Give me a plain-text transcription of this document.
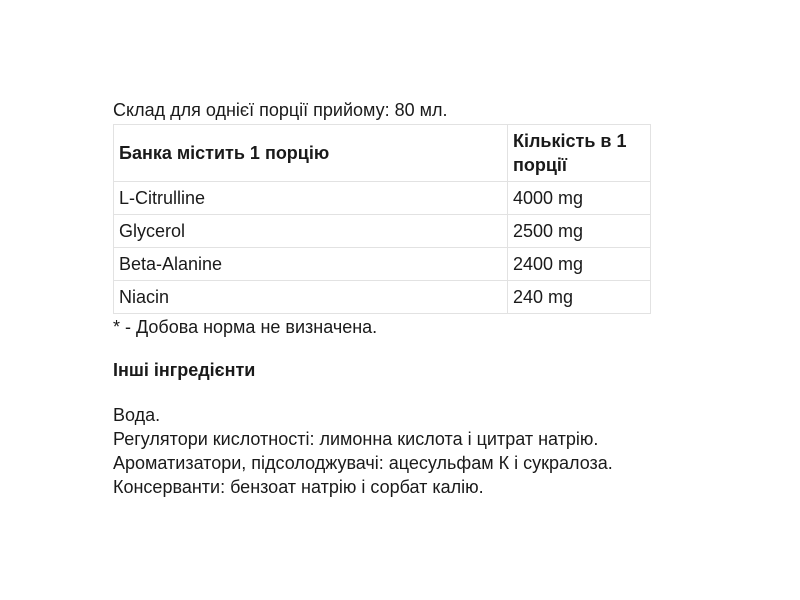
Склад для однієї порції прийому: 80 мл.
Банка містить 1 порцію	Кількість в 1 порції
L-Citrulline	4000 mg
Glycerol	2500 mg
Beta-Alanine	2400 mg
Niacin	240 mg
* - Добова норма не визначена.
Інші інгредієнти
Вода.
Регулятори кислотності: лимонна кислота і цитрат натрію.
Ароматизатори, підсолоджувачі: ацесульфам К і сукралоза.
Консерванти: бензоат натрію і сорбат калію.
